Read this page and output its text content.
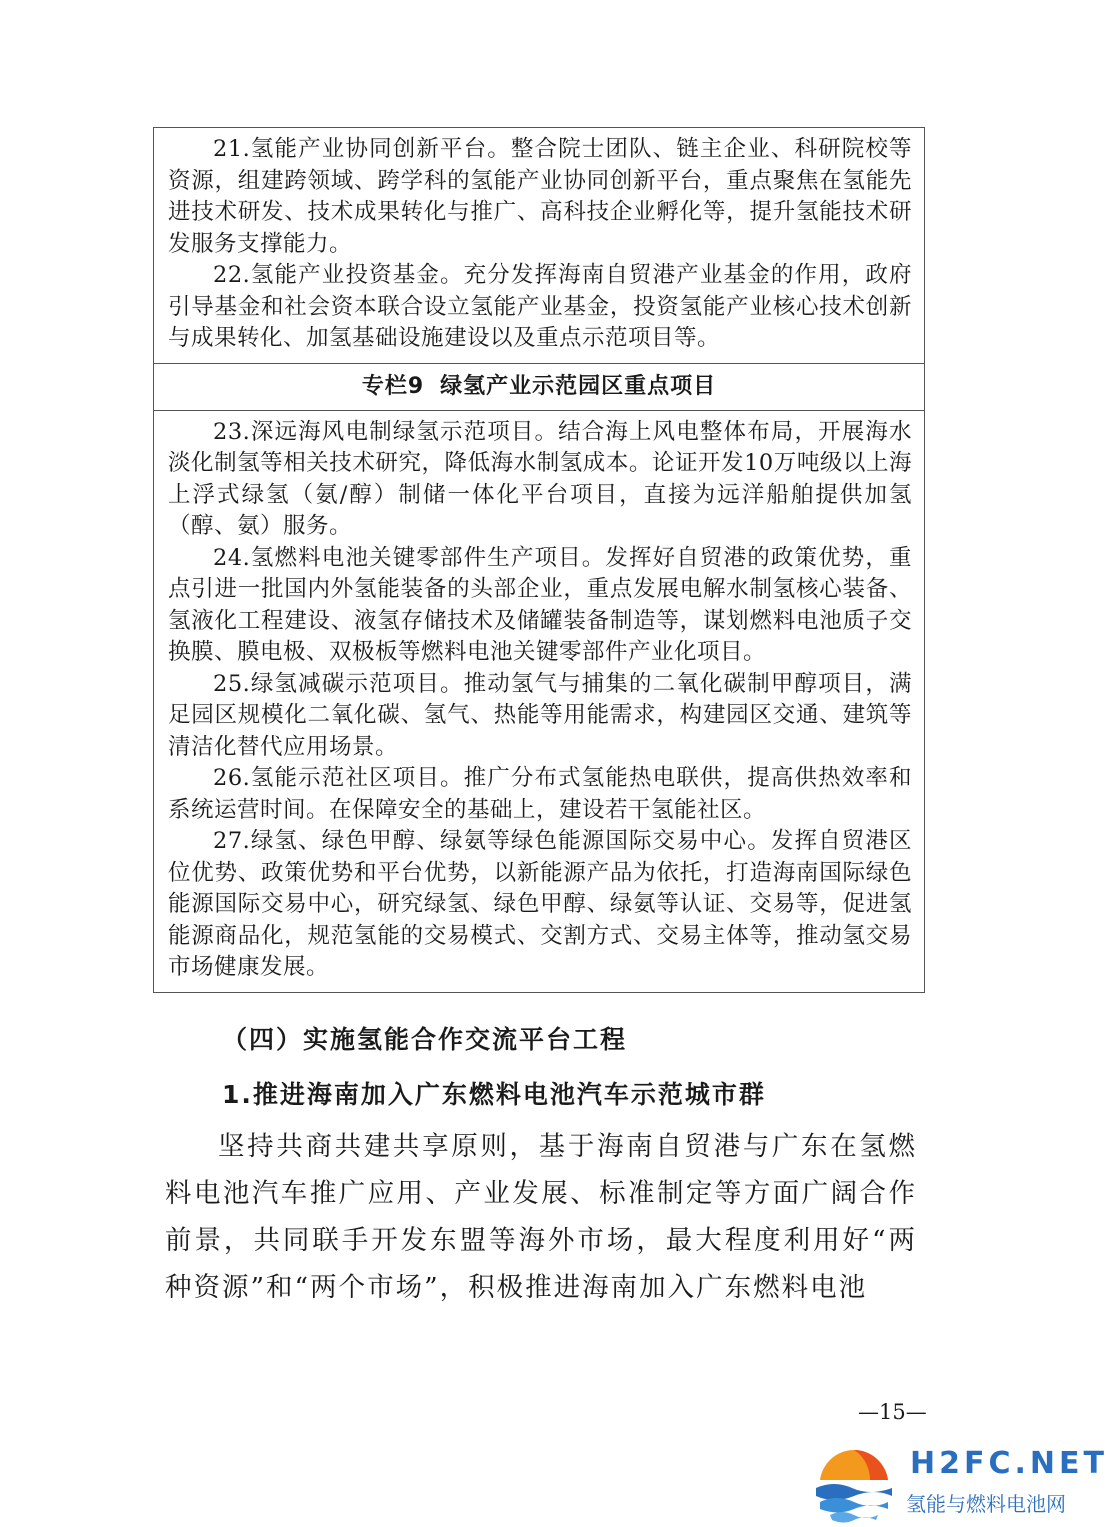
21.氢能产业协同创新平台。整合院士团队、链主企业、科研院校等资源，组建跨领域、跨学科的氢能产业协同创新平台，重点聚焦在氢能先进技术研发、技术成果转化与推广、高科技企业孵化等，提升氢能技术研发服务支撑能力。

22.氢能产业投资基金。充分发挥海南自贸港产业基金的作用，政府引导基金和社会资本联合设立氢能产业基金，投资氢能产业核心技术创新与成果转化、加氢基础设施建设以及重点示范项目等。

专栏9 绿氢产业示范园区重点项目

23.深远海风电制绿氢示范项目。结合海上风电整体布局，开展海水淡化制氢等相关技术研究，降低海水制氢成本。论证开发10万吨级以上海上浮式绿氢（氨/醇）制储一体化平台项目，直接为远洋船舶提供加氢（醇、氨）服务。

24.氢燃料电池关键零部件生产项目。发挥好自贸港的政策优势，重点引进一批国内外氢能装备的头部企业，重点发展电解水制氢核心装备、氢液化工程建设、液氢存储技术及储罐装备制造等，谋划燃料电池质子交换膜、膜电极、双极板等燃料电池关键零部件产业化项目。

25.绿氢减碳示范项目。推动氢气与捕集的二氧化碳制甲醇项目，满足园区规模化二氧化碳、氢气、热能等用能需求，构建园区交通、建筑等清洁化替代应用场景。

26.氢能示范社区项目。推广分布式氢能热电联供，提高供热效率和系统运营时间。在保障安全的基础上，建设若干氢能社区。

27.绿氢、绿色甲醇、绿氨等绿色能源国际交易中心。发挥自贸港区位优势、政策优势和平台优势，以新能源产品为依托，打造海南国际绿色能源国际交易中心，研究绿氢、绿色甲醇、绿氨等认证、交易等，促进氢能源商品化，规范氢能的交易模式、交割方式、交易主体等，推动氢交易市场健康发展。

（四）实施氢能合作交流平台工程
1.推进海南加入广东燃料电池汽车示范城市群

坚持共商共建共享原则，基于海南自贸港与广东在氢燃料电池汽车推广应用、产业发展、标准制定等方面广阔合作前景，共同联手开发东盟等海外市场，最大程度利用好“两种资源”和“两个市场”，积极推进海南加入广东燃料电池

—15—
H2FC.NET
氢能与燃料电池网
